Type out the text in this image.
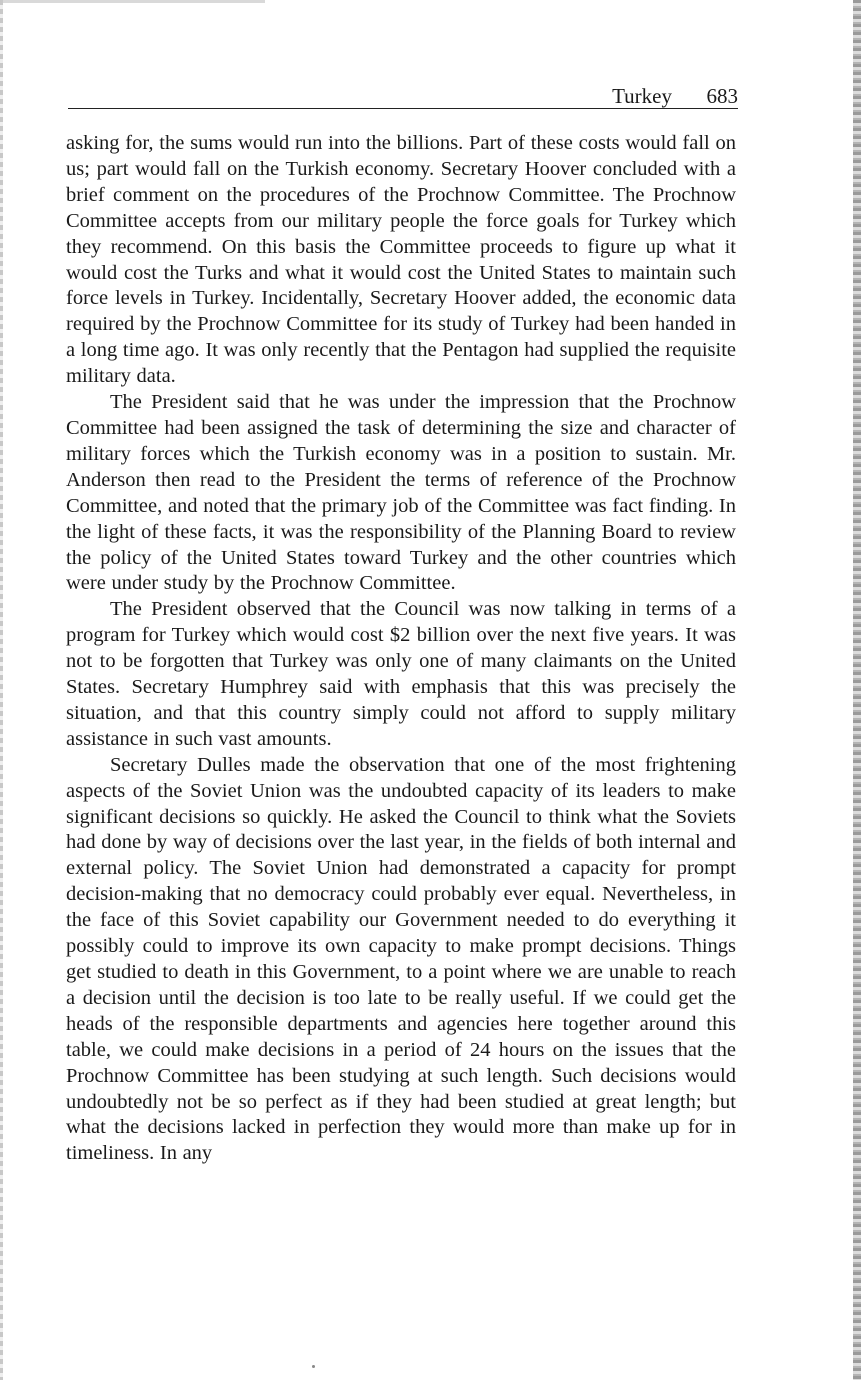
Turkey 683

asking for, the sums would run into the billions. Part of these costs would fall on us; part would fall on the Turkish economy. Secretary Hoover concluded with a brief comment on the procedures of the Prochnow Committee. The Prochnow Committee accepts from our military people the force goals for Turkey which they recommend. On this basis the Committee proceeds to figure up what it would cost the Turks and what it would cost the United States to maintain such force levels in Turkey. Incidentally, Secretary Hoover added, the economic data required by the Prochnow Committee for its study of Turkey had been handed in a long time ago. It was only recently that the Pentagon had supplied the requisite military data.

The President said that he was under the impression that the Prochnow Committee had been assigned the task of determining the size and character of military forces which the Turkish economy was in a position to sustain. Mr. Anderson then read to the President the terms of reference of the Prochnow Committee, and noted that the primary job of the Committee was fact finding. In the light of these facts, it was the responsibility of the Planning Board to review the policy of the United States toward Turkey and the other countries which were under study by the Prochnow Committee.

The President observed that the Council was now talking in terms of a program for Turkey which would cost $2 billion over the next five years. It was not to be forgotten that Turkey was only one of many claimants on the United States. Secretary Humphrey said with emphasis that this was precisely the situation, and that this country simply could not afford to supply military assistance in such vast amounts.

Secretary Dulles made the observation that one of the most frightening aspects of the Soviet Union was the undoubted capacity of its leaders to make significant decisions so quickly. He asked the Council to think what the Soviets had done by way of decisions over the last year, in the fields of both internal and external policy. The Soviet Union had demonstrated a capacity for prompt decision-making that no democracy could probably ever equal. Nevertheless, in the face of this Soviet capability our Government needed to do everything it possibly could to improve its own capacity to make prompt decisions. Things get studied to death in this Government, to a point where we are unable to reach a decision until the decision is too late to be really useful. If we could get the heads of the responsible departments and agencies here together around this table, we could make decisions in a period of 24 hours on the issues that the Prochnow Committee has been studying at such length. Such decisions would undoubtedly not be so perfect as if they had been studied at great length; but what the decisions lacked in perfection they would more than make up for in timeliness. In any
